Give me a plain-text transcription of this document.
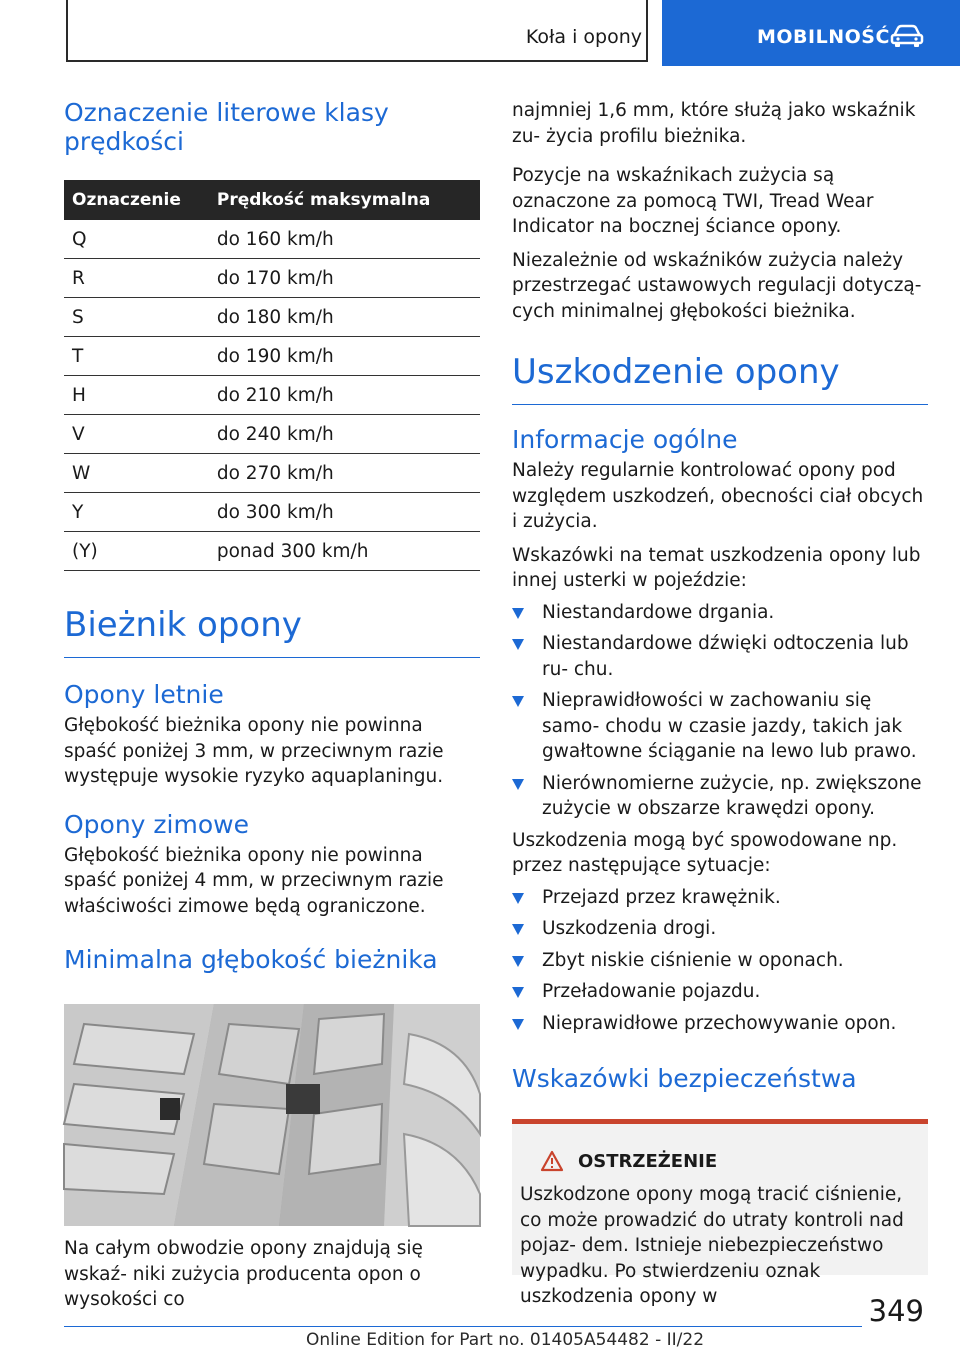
Koła i opony	MOBILNOŚĆ
Oznaczenie literowe klasy prędkości
Oznaczenie	Prędkość maksymalna
Q	do 160 km/h
R	do 170 km/h
S	do 180 km/h
T	do 190 km/h
H	do 210 km/h
V	do 240 km/h
W	do 270 km/h
Y	do 300 km/h
(Y)	ponad 300 km/h
Bieżnik opony
Opony letnie

Głębokość bieżnika opony nie powinna spaść poniżej 3 mm, w przeciwnym razie występuje wysokie ryzyko aquaplaningu.

Opony zimowe

Głębokość bieżnika opony nie powinna spaść poniżej 4 mm, w przeciwnym razie właściwości zimowe będą ograniczone.

Minimalna głębokość bieżnika

Na całym obwodzie opony znajdują się wskaź- niki zużycia producenta opon o wysokości co

najmniej 1,6 mm, które służą jako wskaźnik zu- życia profilu bieżnika.

Pozycje na wskaźnikach zużycia są oznaczone za pomocą TWI, Tread Wear Indicator na bocznej ściance opony.

Niezależnie od wskaźników zużycia należy przestrzegać ustawowych regulacji dotyczą- cych minimalnej głębokości bieżnika.

Uszkodzenie opony
Informacje ogólne

Należy regularnie kontrolować opony pod względem uszkodzeń, obecności ciał obcych i zużycia.

Wskazówki na temat uszkodzenia opony lub innej usterki w pojeździe:

Niestandardowe drgania.
Niestandardowe dźwięki odtoczenia lub ru- chu.
Nieprawidłowości w zachowaniu się samo- chodu w czasie jazdy, takich jak gwałtowne ściąganie na lewo lub prawo.
Nierównomierne zużycie, np. zwiększone zużycie w obszarze krawędzi opony.

Uszkodzenia mogą być spowodowane np. przez następujące sytuacje:

Przejazd przez krawężnik.
Uszkodzenia drogi.
Zbyt niskie ciśnienie w oponach.
Przeładowanie pojazdu.
Nieprawidłowe przechowywanie opon.
Wskazówki bezpieczeństwa
OSTRZEŻENIE

Uszkodzone opony mogą tracić ciśnienie, co może prowadzić do utraty kontroli nad pojaz- dem. Istnieje niebezpieczeństwo wypadku. Po stwierdzeniu oznak uszkodzenia opony w	349
Online Edition for Part no. 01405A54482 - II/22
